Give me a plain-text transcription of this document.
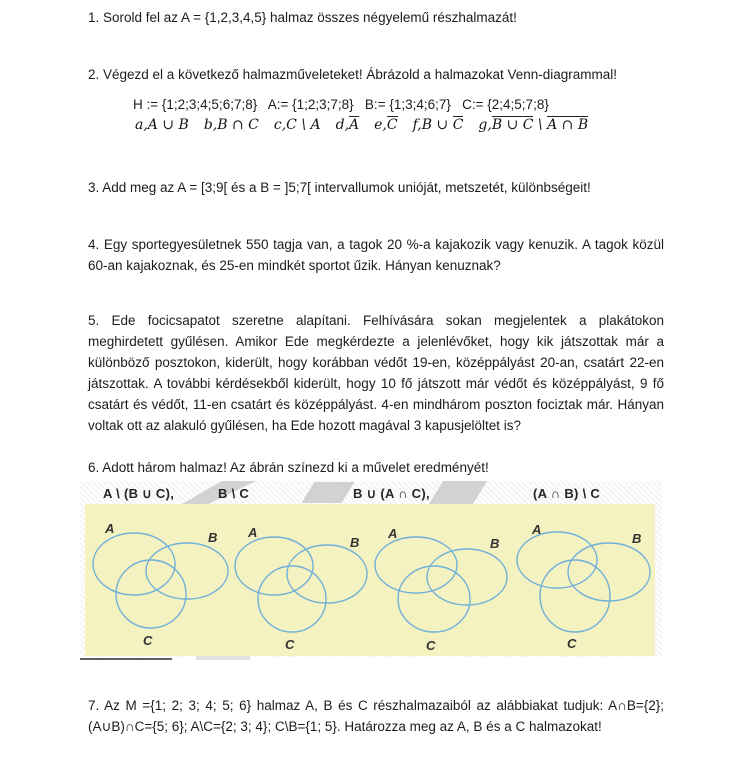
1. Sorold fel az A = {1,2,3,4,5} halmaz összes négyelemű részhalmazát!

2. Végezd el a következő halmazműveleteket! Ábrázold a halmazokat Venn-diagrammal!

H := {1;2;3;4;5;6;7;8}   A:= {1;2;3;7;8}   B:= {1;3;4;6;7}   C:= {2;4;5;7;8}

a,A ∪ B b,B ∩ C c,C \ A d,A e,C f,B ∪ C g,B ∪ C \ A ∩ B

3. Add meg az A = [3;9[ és a B = ]5;7[ intervallumok unióját, metszetét, különbségeit!

4. Egy sportegyesületnek 550 tagja van, a tagok 20 %-a kajakozik vagy kenuzik. A tagok közül 60-an kajakoznak, és 25-en mindkét sportot űzik. Hányan kenuznak?

5. Ede focicsapatot szeretne alapítani. Felhívására sokan megjelentek a plakátokon meghirdetett gyűlésen. Amikor Ede megkérdezte a jelenlévőket, hogy kik játszottak már a különböző posztokon, kiderült, hogy korábban védőt 19-en, középpályást 20-an, csatárt 22-en játszottak. A további kérdésekből kiderült, hogy 10 fő játszott már védőt és középpályást, 9 fő csatárt és védőt, 11-en csatárt és középpályást. 4-en mindhárom poszton fociztak már. Hányan voltak ott az alakuló gyűlésen, ha Ede hozott magával 3 kapusjelöltet is?

6. Adott három halmaz! Az ábrán színezd ki a művelet eredményét!

A \ (B ∪ C),	B \ C	B ∪ (A ∩ C),	(A ∩ B) \ C
A
B
C
A
B
C
A
B
C
A
B
C

7. Az M ={1; 2; 3; 4; 5; 6} halmaz A, B és C részhalmazaiból az alábbiakat tudjuk: A∩B={2}; (A∪B)∩C={5; 6}; A\C={2; 3; 4}; C\B={1; 5}. Határozza meg az A, B és a C halmazokat!
